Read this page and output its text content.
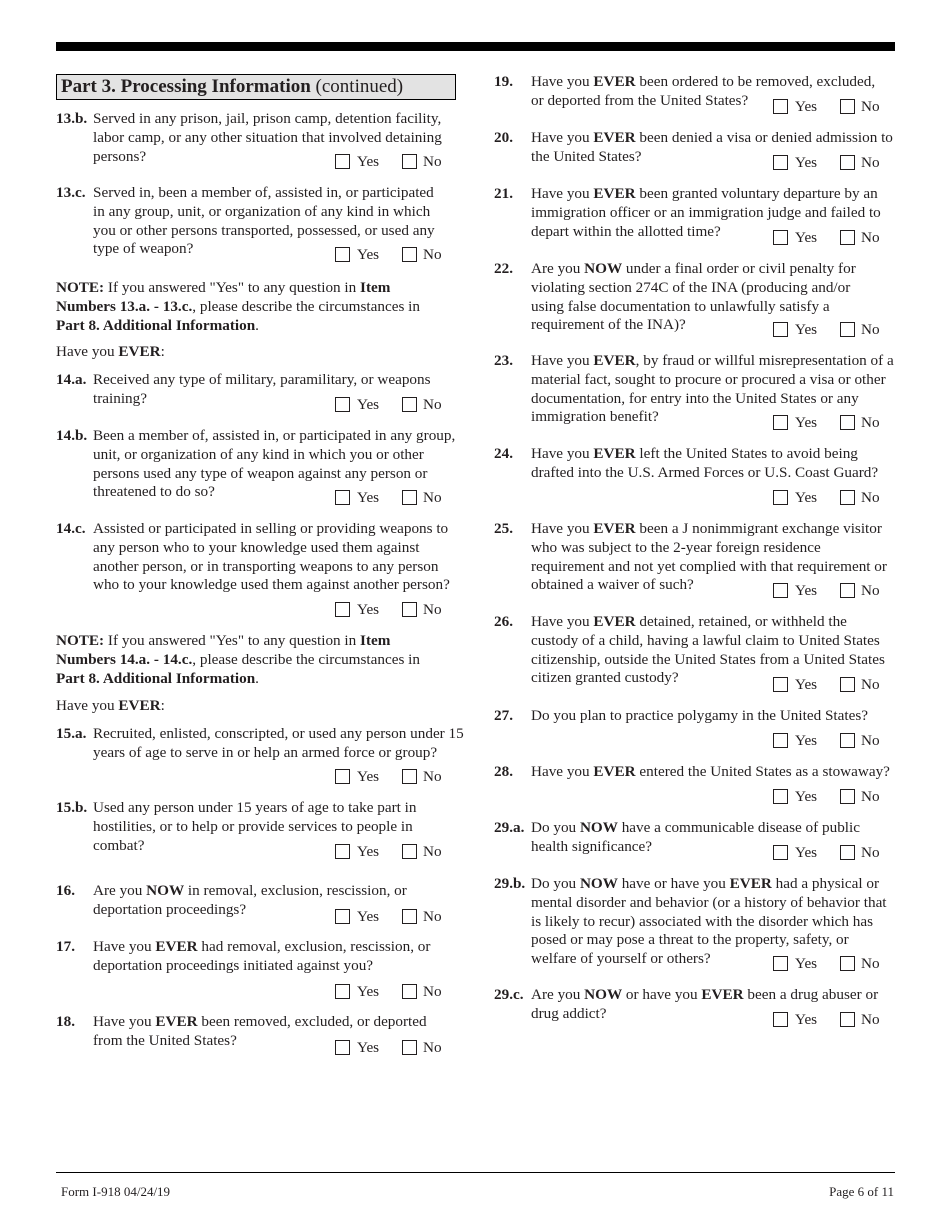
Part 3. Processing Information (continued)
13.b. Served in any prison, jail, prison camp, detention facility, labor camp, or any other situation that involved detaining persons?	Yes	No
13.c. Served in, been a member of, assisted in, or participated in any group, unit, or organization of any kind in which you or other persons transported, possessed, or used any type of weapon?	Yes	No
NOTE: If you answered "Yes" to any question in Item Numbers 13.a. - 13.c., please describe the circumstances in Part 8. Additional Information.
Have you EVER:
14.a. Received any type of military, paramilitary, or weapons training?	Yes	No
14.b. Been a member of, assisted in, or participated in any group, unit, or organization of any kind in which you or other persons used any type of weapon against any person or threatened to do so?	Yes	No
14.c. Assisted or participated in selling or providing weapons to any person who to your knowledge used them against another person, or in transporting weapons to any person who to your knowledge used them against another person?
Yes	No
NOTE: If you answered "Yes" to any question in Item Numbers 14.a. - 14.c., please describe the circumstances in Part 8. Additional Information.
Have you EVER:
15.a. Recruited, enlisted, conscripted, or used any person under 15 years of age to serve in or help an armed force or group?
Yes	No
15.b. Used any person under 15 years of age to take part in hostilities, or to help or provide services to people in combat?	Yes	No
16. Are you NOW in removal, exclusion, rescission, or deportation proceedings?	Yes	No
17. Have you EVER had removal, exclusion, rescission, or deportation proceedings initiated against you?
Yes	No
18. Have you EVER been removed, excluded, or deported from the United States?	Yes	No
19. Have you EVER been ordered to be removed, excluded, or deported from the United States?	Yes	No
20. Have you EVER been denied a visa or denied admission to the United States?	Yes	No
21. Have you EVER been granted voluntary departure by an immigration officer or an immigration judge and failed to depart within the allotted time?	Yes	No
22. Are you NOW under a final order or civil penalty for violating section 274C of the INA (producing and/or using false documentation to unlawfully satisfy a requirement of the INA)?	Yes	No
23. Have you EVER, by fraud or willful misrepresentation of a material fact, sought to procure or procured a visa or other documentation, for entry into the United States or any immigration benefit?	Yes	No
24. Have you EVER left the United States to avoid being drafted into the U.S. Armed Forces or U.S. Coast Guard?
Yes	No
25. Have you EVER been a J nonimmigrant exchange visitor who was subject to the 2-year foreign residence requirement and not yet complied with that requirement or obtained a waiver of such?	Yes	No
26. Have you EVER detained, retained, or withheld the custody of a child, having a lawful claim to United States citizenship, outside the United States from a United States citizen granted custody?	Yes	No
27. Do you plan to practice polygamy in the United States?
Yes	No
28. Have you EVER entered the United States as a stowaway?
Yes	No
29.a. Do you NOW have a communicable disease of public health significance?	Yes	No
29.b. Do you NOW have or have you EVER had a physical or mental disorder and behavior (or a history of behavior that is likely to recur) associated with the disorder which has posed or may pose a threat to the property, safety, or welfare of yourself or others?	Yes	No
29.c. Are you NOW or have you EVER been a drug abuser or drug addict?	Yes	No
Form I-918 04/24/19	Page 6 of 11
